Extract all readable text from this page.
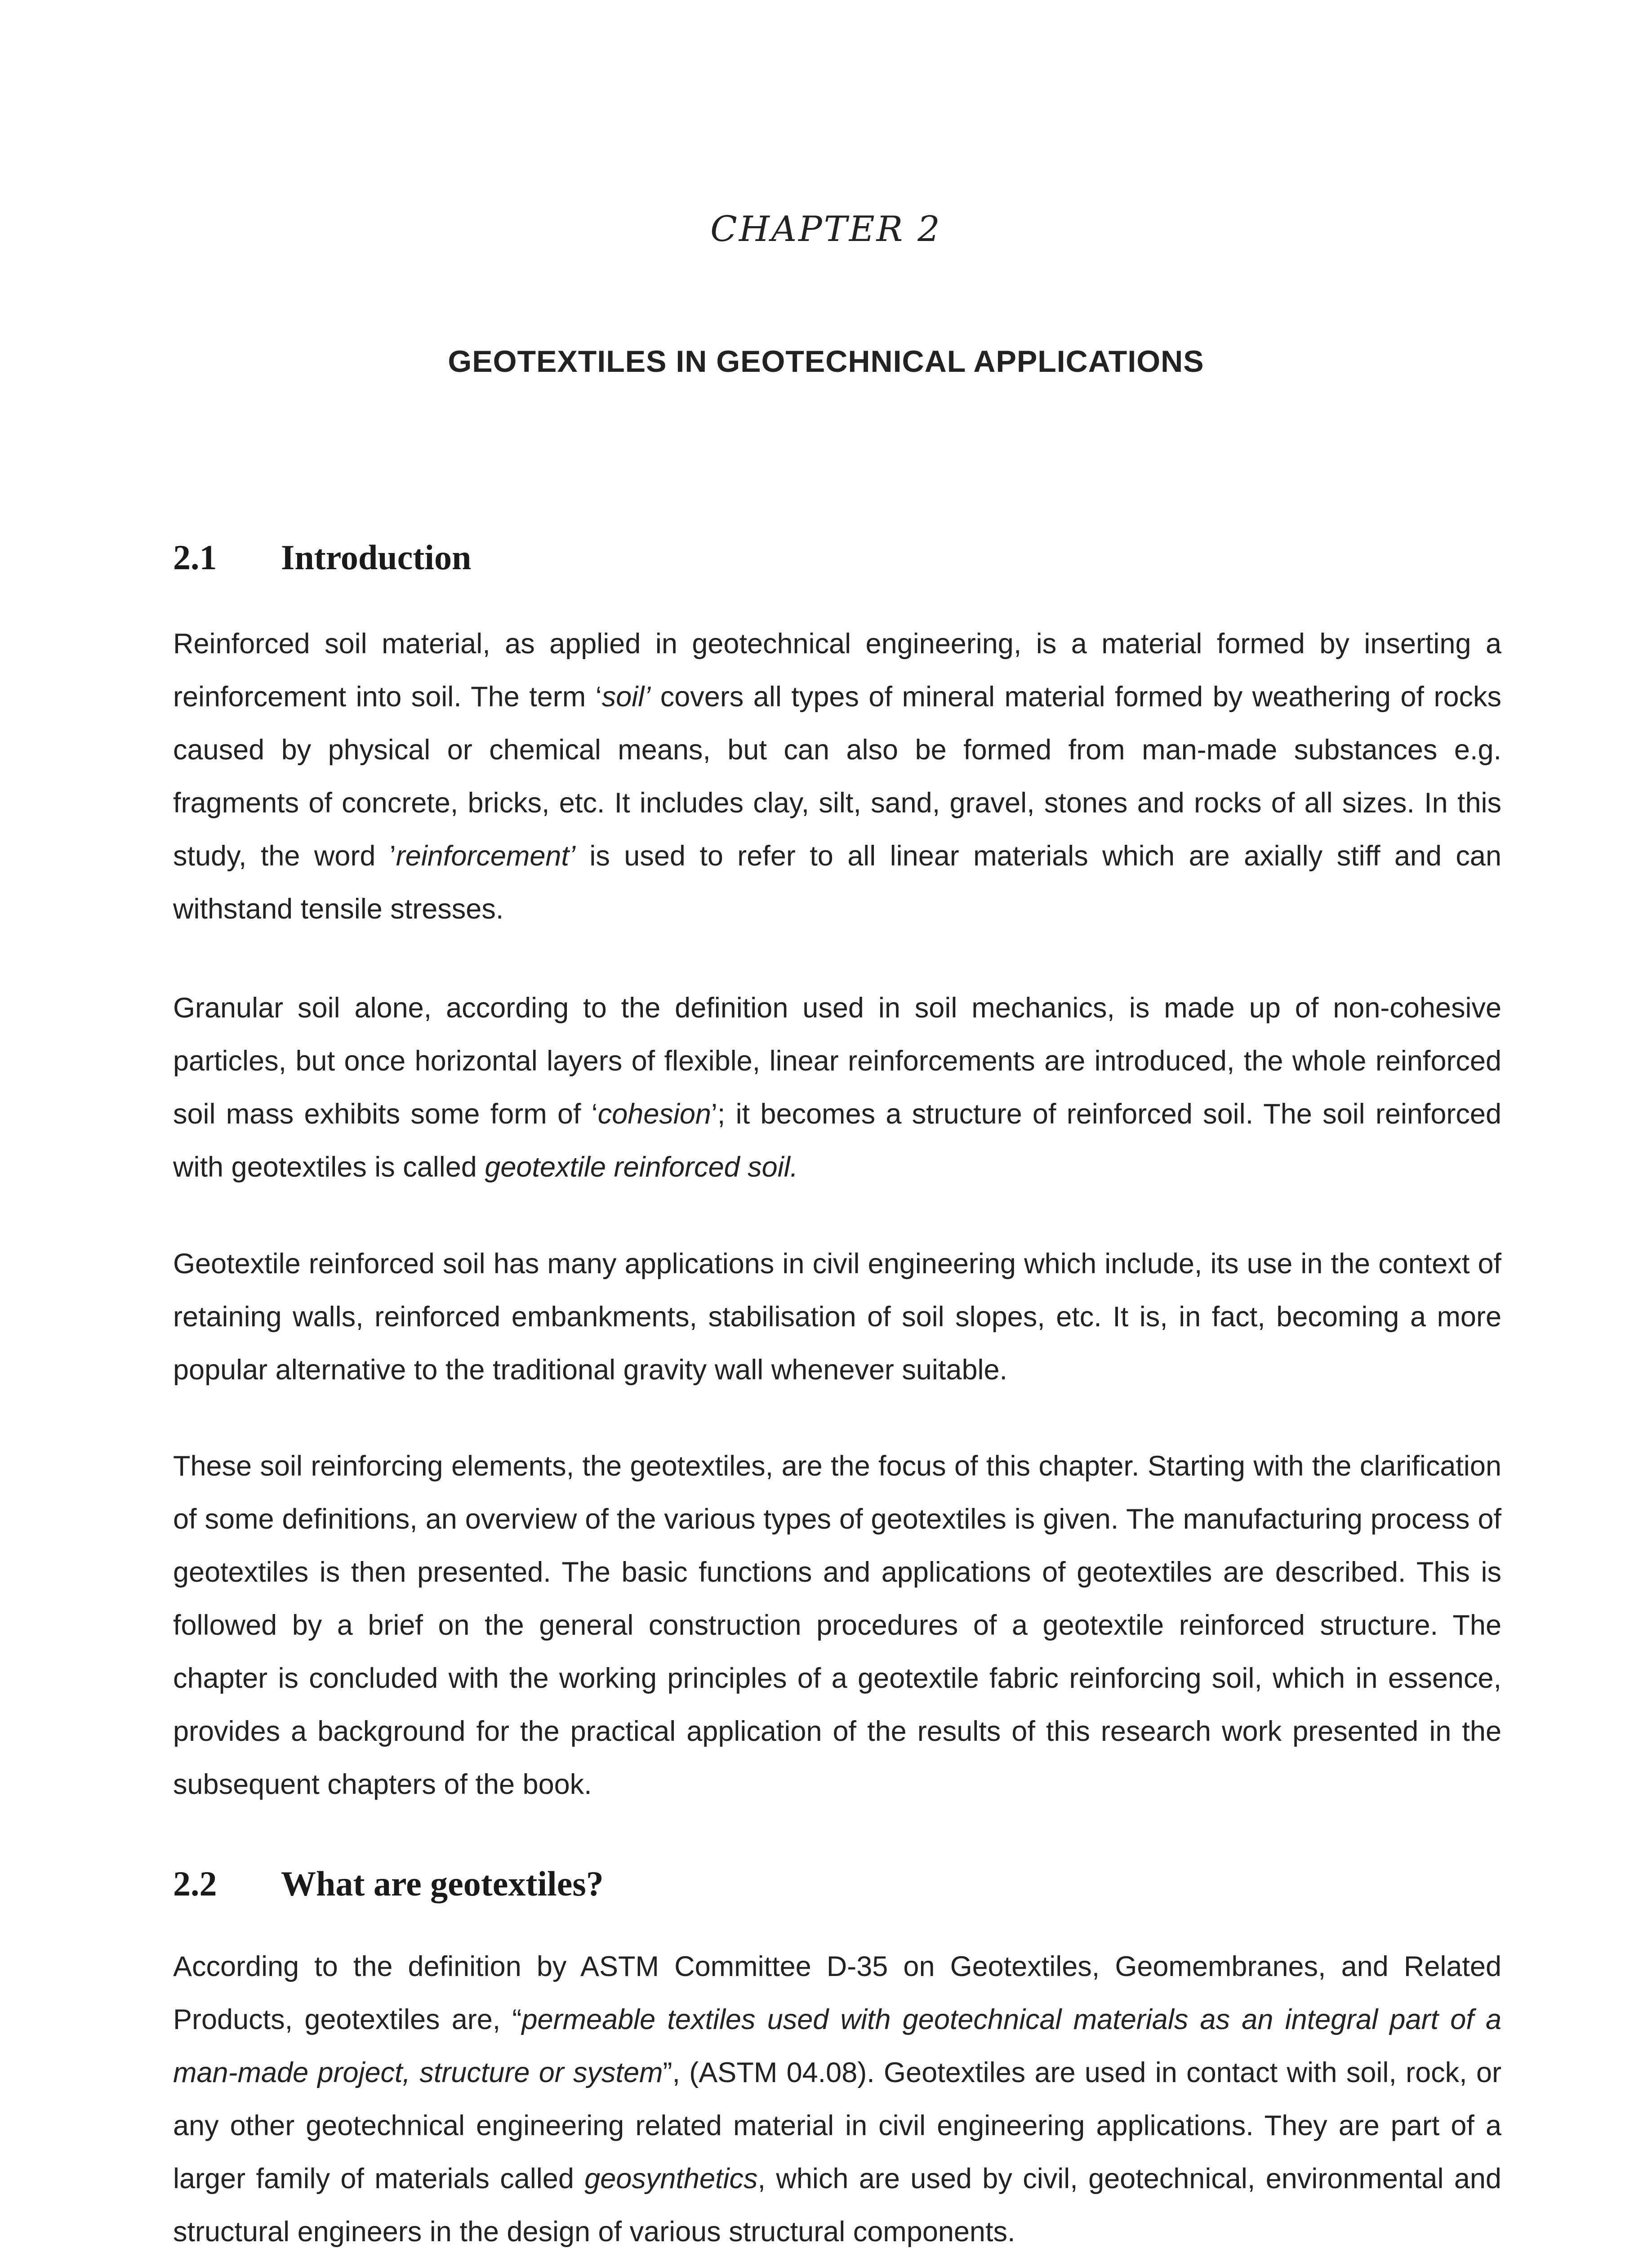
CHAPTER 2
GEOTEXTILES IN GEOTECHNICAL APPLICATIONS
2.1 Introduction

Reinforced soil material, as applied in geotechnical engineering, is a material formed by inserting a reinforcement into soil. The term ‘soil’ covers all types of mineral material formed by weathering of rocks caused by physical or chemical means, but can also be formed from man-made substances e.g. fragments of concrete, bricks, etc. It includes clay, silt, sand, gravel, stones and rocks of all sizes. In this study, the word ’reinforcement’ is used to refer to all linear materials which are axially stiff and can withstand tensile stresses.

Granular soil alone, according to the definition used in soil mechanics, is made up of non-cohesive particles, but once horizontal layers of flexible, linear reinforcements are introduced, the whole reinforced soil mass exhibits some form of ‘cohesion’; it becomes a structure of reinforced soil. The soil reinforced with geotextiles is called geotextile reinforced soil.

Geotextile reinforced soil has many applications in civil engineering which include, its use in the context of retaining walls, reinforced embankments, stabilisation of soil slopes, etc. It is, in fact, becoming a more popular alternative to the traditional gravity wall whenever suitable.

These soil reinforcing elements, the geotextiles, are the focus of this chapter. Starting with the clarification of some definitions, an overview of the various types of geotextiles is given. The manufacturing process of geotextiles is then presented. The basic functions and applications of geotextiles are described. This is followed by a brief on the general construction procedures of a geotextile reinforced structure. The chapter is concluded with the working principles of a geotextile fabric reinforcing soil, which in essence, provides a background for the practical application of the results of this research work presented in the subsequent chapters of the book.

2.2 What are geotextiles?

According to the definition by ASTM Committee D-35 on Geotextiles, Geomembranes, and Related Products, geotextiles are, “permeable textiles used with geotechnical materials as an integral part of a man-made project, structure or system”, (ASTM 04.08). Geotextiles are used in contact with soil, rock, or any other geotechnical engineering related material in civil engineering applications. They are part of a larger family of materials called geosynthetics, which are used by civil, geotechnical, environmental and structural engineers in the design of various structural components.
